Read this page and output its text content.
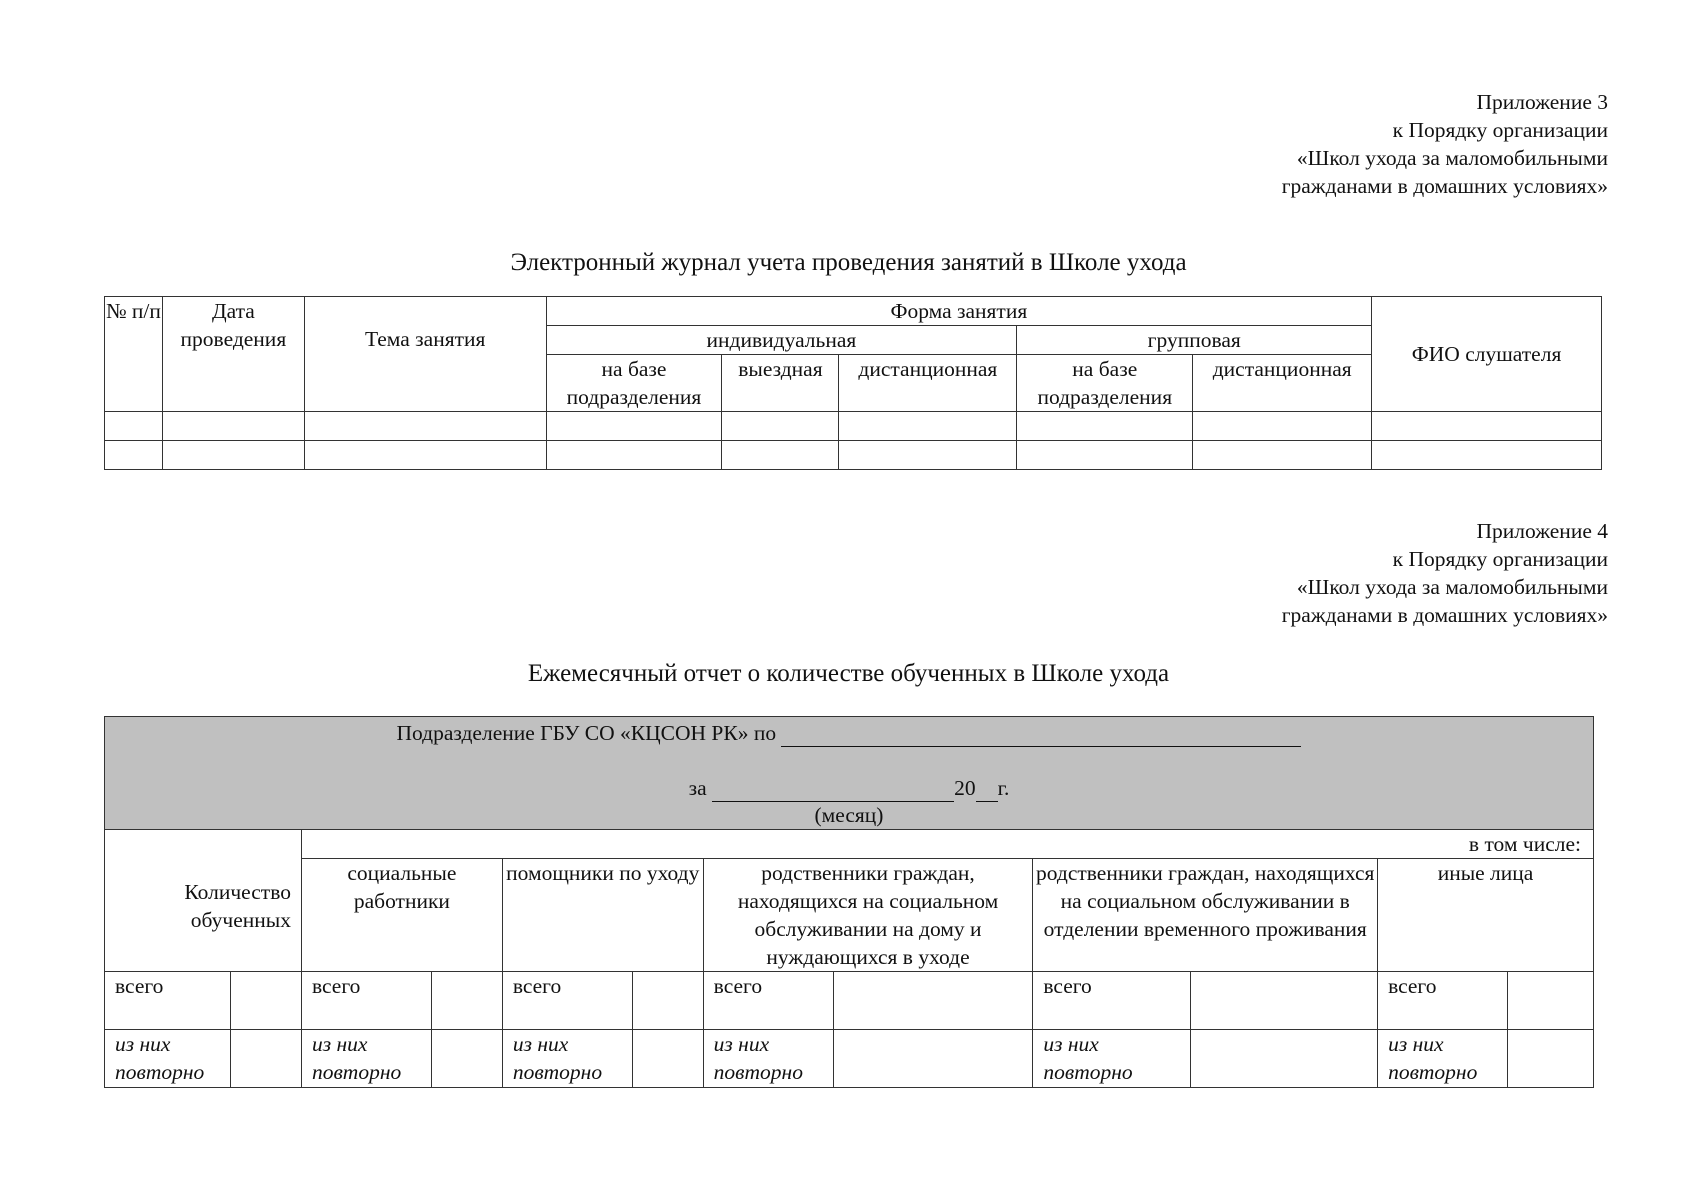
Приложение 3
к Порядку организации
«Школ ухода за маломобильными
гражданами в домашних условиях»
Электронный журнал учета проведения занятий в Школе ухода
№ п/п	Дата проведения	Тема занятия	Форма занятия					ФИО слушателя
			индивидуальная			групповая		
			на базе подразделения	выездная	дистанционная	на базе подразделения	дистанционная	

Приложение 4
к Порядку организации
«Школ ухода за маломобильными
гражданами в домашних условиях»
Ежемесячный отчет о количестве обученных в Школе ухода
Подразделение ГБУ СО «КЦСОН РК» по
за 20 г.
(месяц)											

Количество обученных		в том числе:									
		социальные работники		помощники по уходу		родственники граждан, находящихся на социальном обслуживании на дому и нуждающихся в уходе		родственники граждан, находящихся на социальном обслуживании в отделении временного проживания		иные лица	
всего		всего		всего		всего		всего		всего	
из них повторно		из них повторно		из них повторно		из них повторно		из них повторно		из них повторно	
